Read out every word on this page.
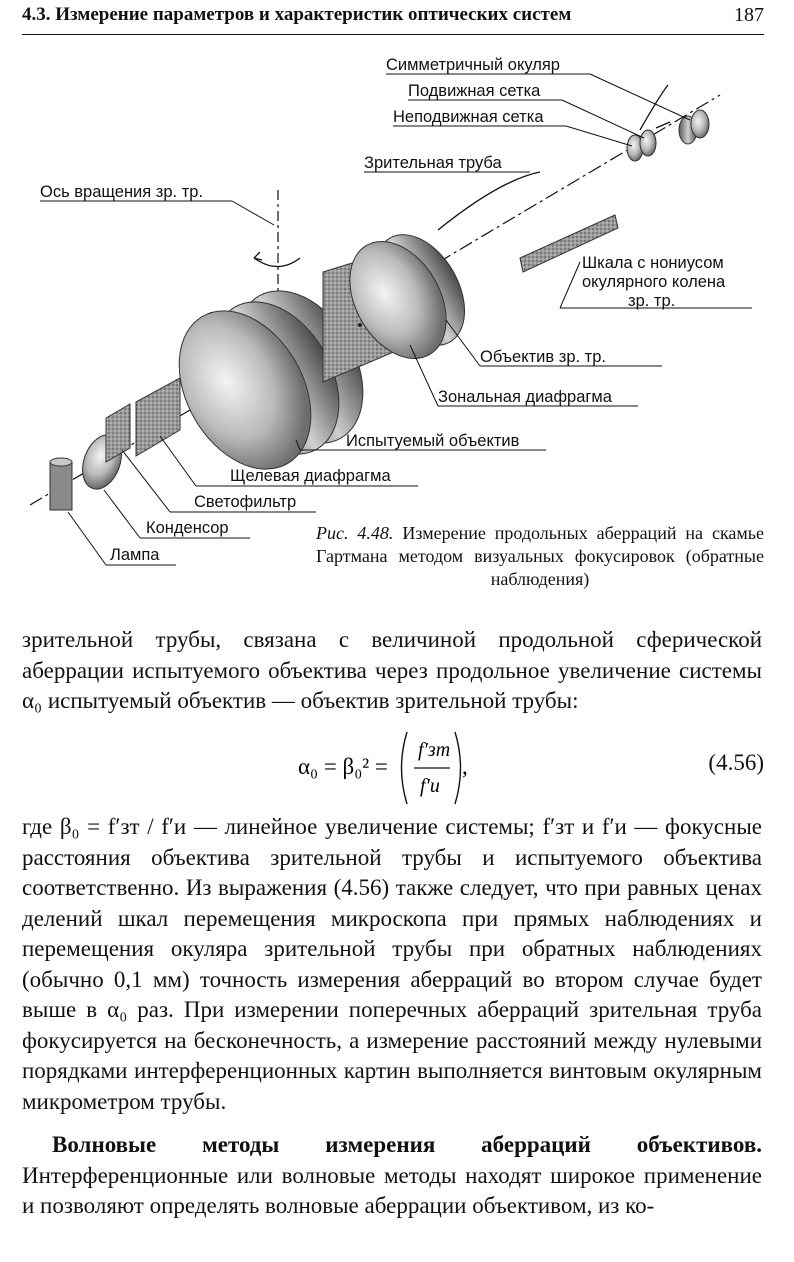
4.3. Измерение параметров и характеристик оптических систем	187
Симметричный окуляр
Подвижная сетка
Неподвижная сетка
Зрительная труба
Ось вращения зр. тр.
Шкала с нониусом
окулярного колена
зр. тр.
Объектив зр. тр.
Зональная диафрагма
Испытуемый объектив
Щелевая диафрагма
Светофильтр
Конденсор
Лампа
Рис. 4.48. Измерение продольных аберраций на скамье Гартмана методом визуальных фокусировок (обратные наблюдения)

зрительной трубы, связана с величиной продольной сферической аберрации испытуемого объектива через продольное увеличение системы α₀ испытуемый объектив — объектив зрительной трубы:

α₀ = β₀² =
f′зт
f′и
,	(4.56)

где β₀ = f′зт / f′и — линейное увеличение системы; f′зт и f′и — фокусные расстояния объектива зрительной трубы и испытуемого объектива соответственно. Из выражения (4.56) также следует, что при равных ценах делений шкал перемещения микроскопа при прямых наблюдениях и перемещения окуляра зрительной трубы при обратных наблюдениях (обычно 0,1 мм) точность измерения аберраций во втором случае будет выше в α₀ раз. При измерении поперечных аберраций зрительная труба фокусируется на бесконечность, а измерение расстояний между нулевыми порядками интерференционных картин выполняется винтовым окулярным микрометром трубы.

Волновые методы измерения аберраций объективов. Интерференционные или волновые методы находят широкое применение и позволяют определять волновые аберрации объективом, из ко-
